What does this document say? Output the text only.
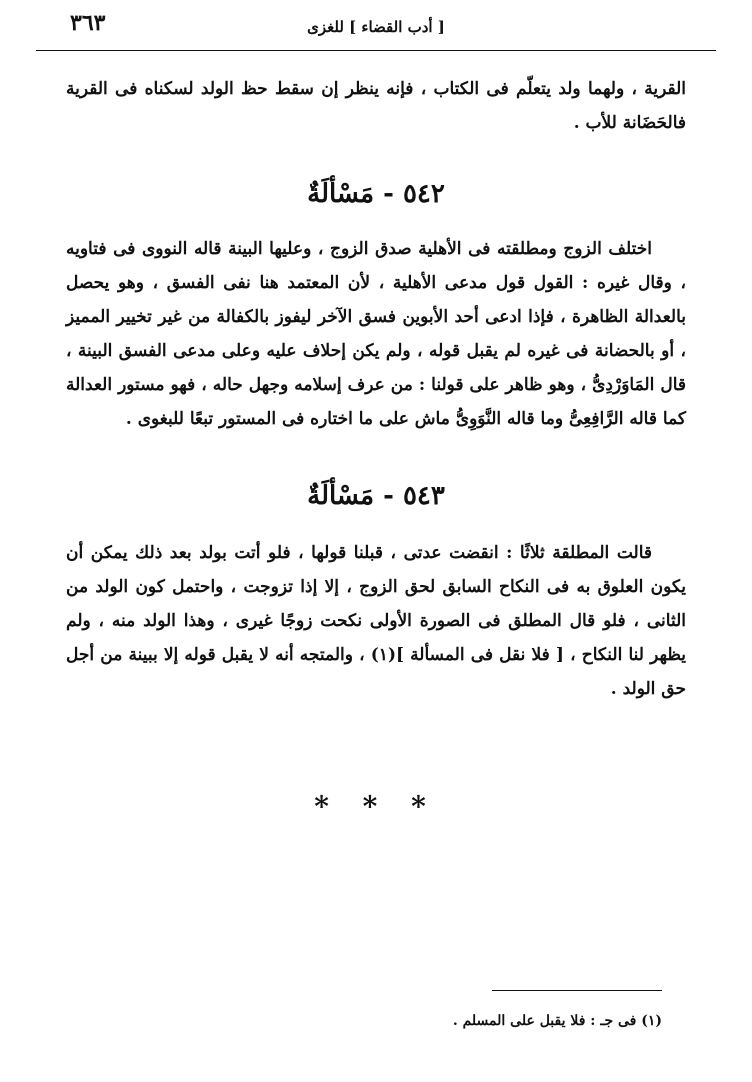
٣٦٣	[ أدب القضاء ] للغزى

القرية ، ولهما ولد يتعلّم فى الكتاب ، فإنه ينظر إن سقط حظ الولد لسكناه فى القرية فالحَضَانة للأب .

٥٤٢ - مَسْألَةٌ

اختلف الزوج ومطلقته فى الأهلية صدق الزوج ، وعليها البينة قاله النووى فى فتاويه ، وقال غيره : القول قول مدعى الأهلية ، لأن المعتمد هنا نفى الفسق ، وهو يحصل بالعدالة الظاهرة ، فإذا ادعى أحد الأبوين فسق الآخر ليفوز بالكفالة من غير تخيير المميز ، أو بالحضانة فى غيره لم يقبل قوله ، ولم يكن إحلاف عليه وعلى مدعى الفسق البينة ، قال المَاوَرْدِىُّ ، وهو ظاهر على قولنا : من عرف إسلامه وجهل حاله ، فهو مستور العدالة كما قاله الرَّافِعِىُّ وما قاله النَّوَوِىُّ ماش على ما اختاره فى المستور تبعًا للبغوى .

٥٤٣ - مَسْألَةٌ

قالت المطلقة ثلاثًا : انقضت عدتى ، قبلنا قولها ، فلو أتت بولد بعد ذلك يمكن أن يكون العلوق به فى النكاح السابق لحق الزوج ، إلا إذا تزوجت ، واحتمل كون الولد من الثانى ، فلو قال المطلق فى الصورة الأولى نكحت زوجًا غيرى ، وهذا الولد منه ، ولم يظهر لنا النكاح ، [ فلا نقل فى المسألة ](١) ، والمتجه أنه لا يقبل قوله إلا ببينة من أجل حق الولد .

* * *
(١) فى جـ : فلا يقبل على المسلم .
